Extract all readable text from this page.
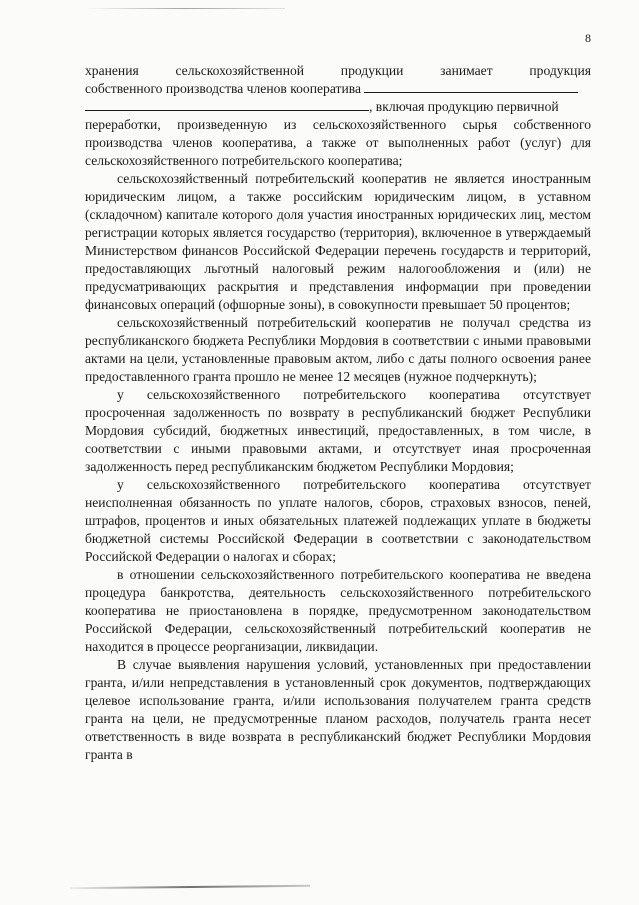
8

хранения сельскохозяйственной продукции занимает продукция
собственного производства членов кооператива
, включая продукцию первичной
переработки, произведенную из сельскохозяйственного сырья собственного производства членов кооператива, а также от выполненных работ (услуг) для сельскохозяйственного потребительского кооператива;

сельскохозяйственный потребительский кооператив не является иностранным юридическим лицом, а также российским юридическим лицом, в уставном (складочном) капитале которого доля участия иностранных юридических лиц, местом регистрации которых является государство (территория), включенное в утверждаемый Министерством финансов Российской Федерации перечень государств и территорий, предоставляющих льготный налоговый режим налогообложения и (или) не предусматривающих раскрытия и представления информации при проведении финансовых операций (офшорные зоны), в совокупности превышает 50 процентов;

сельскохозяйственный потребительский кооператив не получал средства из республиканского бюджета Республики Мордовия в соответствии с иными правовыми актами на цели, установленные правовым актом, либо с даты полного освоения ранее предоставленного гранта прошло не менее 12 месяцев (нужное подчеркнуть);

у сельскохозяйственного потребительского кооператива отсутствует просроченная задолженность по возврату в республиканский бюджет Республики Мордовия субсидий, бюджетных инвестиций, предоставленных, в том числе, в соответствии с иными правовыми актами, и отсутствует иная просроченная задолженность перед республиканским бюджетом Республики Мордовия;

у сельскохозяйственного потребительского кооператива отсутствует неисполненная обязанность по уплате налогов, сборов, страховых взносов, пеней, штрафов, процентов и иных обязательных платежей подлежащих уплате в бюджеты бюджетной системы Российской Федерации в соответствии с законодательством Российской Федерации о налогах и сборах;

в отношении сельскохозяйственного потребительского кооператива не введена процедура банкротства, деятельность сельскохозяйственного потребительского кооператива не приостановлена в порядке, предусмотренном законодательством Российской Федерации, сельскохозяйственный потребительский кооператив не находится в процессе реорганизации, ликвидации.

В случае выявления нарушения условий, установленных при предоставлении гранта, и/или непредставления в установленный срок документов, подтверждающих целевое использование гранта, и/или использования получателем гранта средств гранта на цели, не предусмотренные планом расходов, получатель гранта несет ответственность в виде возврата в республиканский бюджет Республики Мордовия гранта в
